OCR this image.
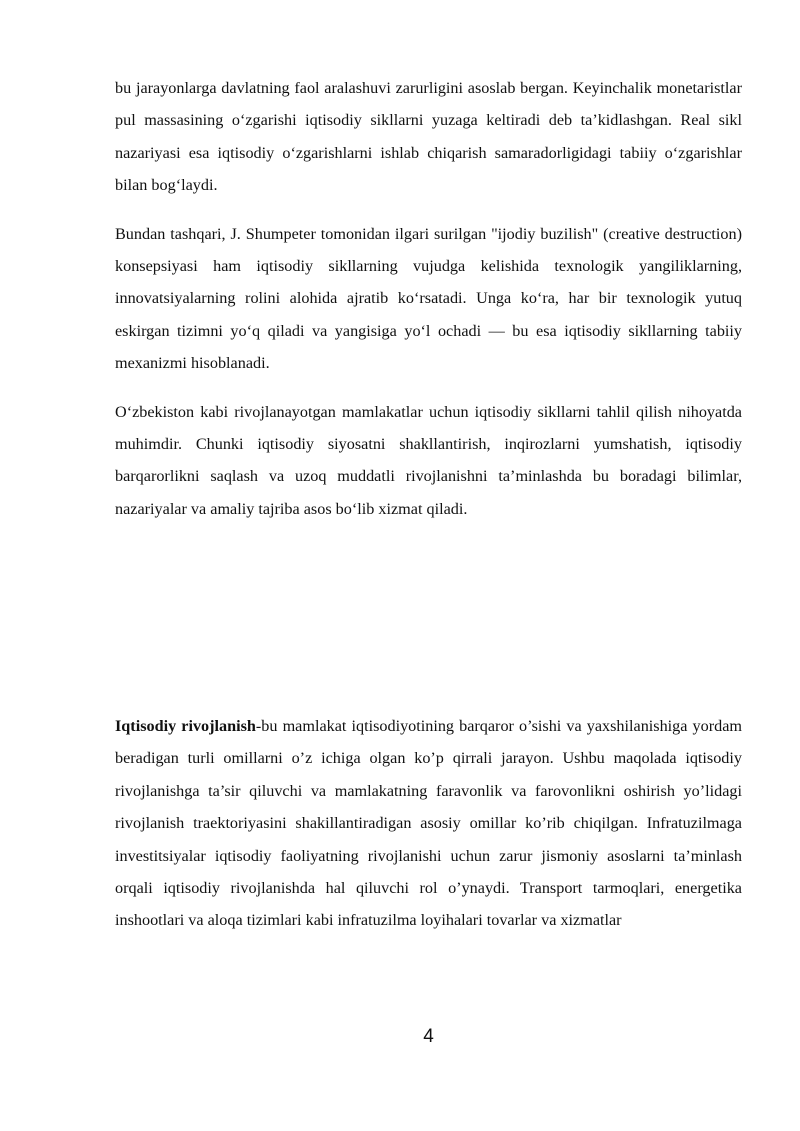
bu jarayonlarga davlatning faol aralashuvi zarurligini asoslab bergan. Keyinchalik monetaristlar pul massasining o‘zgarishi iqtisodiy sikllarni yuzaga keltiradi deb ta’kidlashgan. Real sikl nazariyasi esa iqtisodiy o‘zgarishlarni ishlab chiqarish samaradorligidagi tabiiy o‘zgarishlar bilan bog‘laydi.

Bundan tashqari, J. Shumpeter tomonidan ilgari surilgan "ijodiy buzilish" (creative destruction) konsepsiyasi ham iqtisodiy sikllarning vujudga kelishida texnologik yangiliklarning, innovatsiyalarning rolini alohida ajratib ko‘rsatadi. Unga ko‘ra, har bir texnologik yutuq eskirgan tizimni yo‘q qiladi va yangisiga yo‘l ochadi — bu esa iqtisodiy sikllarning tabiiy mexanizmi hisoblanadi.

O‘zbekiston kabi rivojlanayotgan mamlakatlar uchun iqtisodiy sikllarni tahlil qilish nihoyatda muhimdir. Chunki iqtisodiy siyosatni shakllantirish, inqirozlarni yumshatish, iqtisodiy barqarorlikni saqlash va uzoq muddatli rivojlanishni ta’minlashda bu boradagi bilimlar, nazariyalar va amaliy tajriba asos bo‘lib xizmat qiladi.

Iqtisodiy rivojlanish-bu mamlakat iqtisodiyotining barqaror o’sishi va yaxshilanishiga yordam beradigan turli omillarni o’z ichiga olgan ko’p qirrali jarayon. Ushbu maqolada iqtisodiy rivojlanishga ta’sir qiluvchi va mamlakatning faravonlik va farovonlikni oshirish yo’lidagi rivojlanish traektoriyasini shakillantiradigan asosiy omillar ko’rib chiqilgan. Infratuzilmaga investitsiyalar iqtisodiy faoliyatning rivojlanishi uchun zarur jismoniy asoslarni ta’minlash orqali iqtisodiy rivojlanishda hal qiluvchi rol o’ynaydi. Transport tarmoqlari, energetika inshootlari va aloqa tizimlari kabi infratuzilma loyihalari tovarlar va xizmatlar

4
